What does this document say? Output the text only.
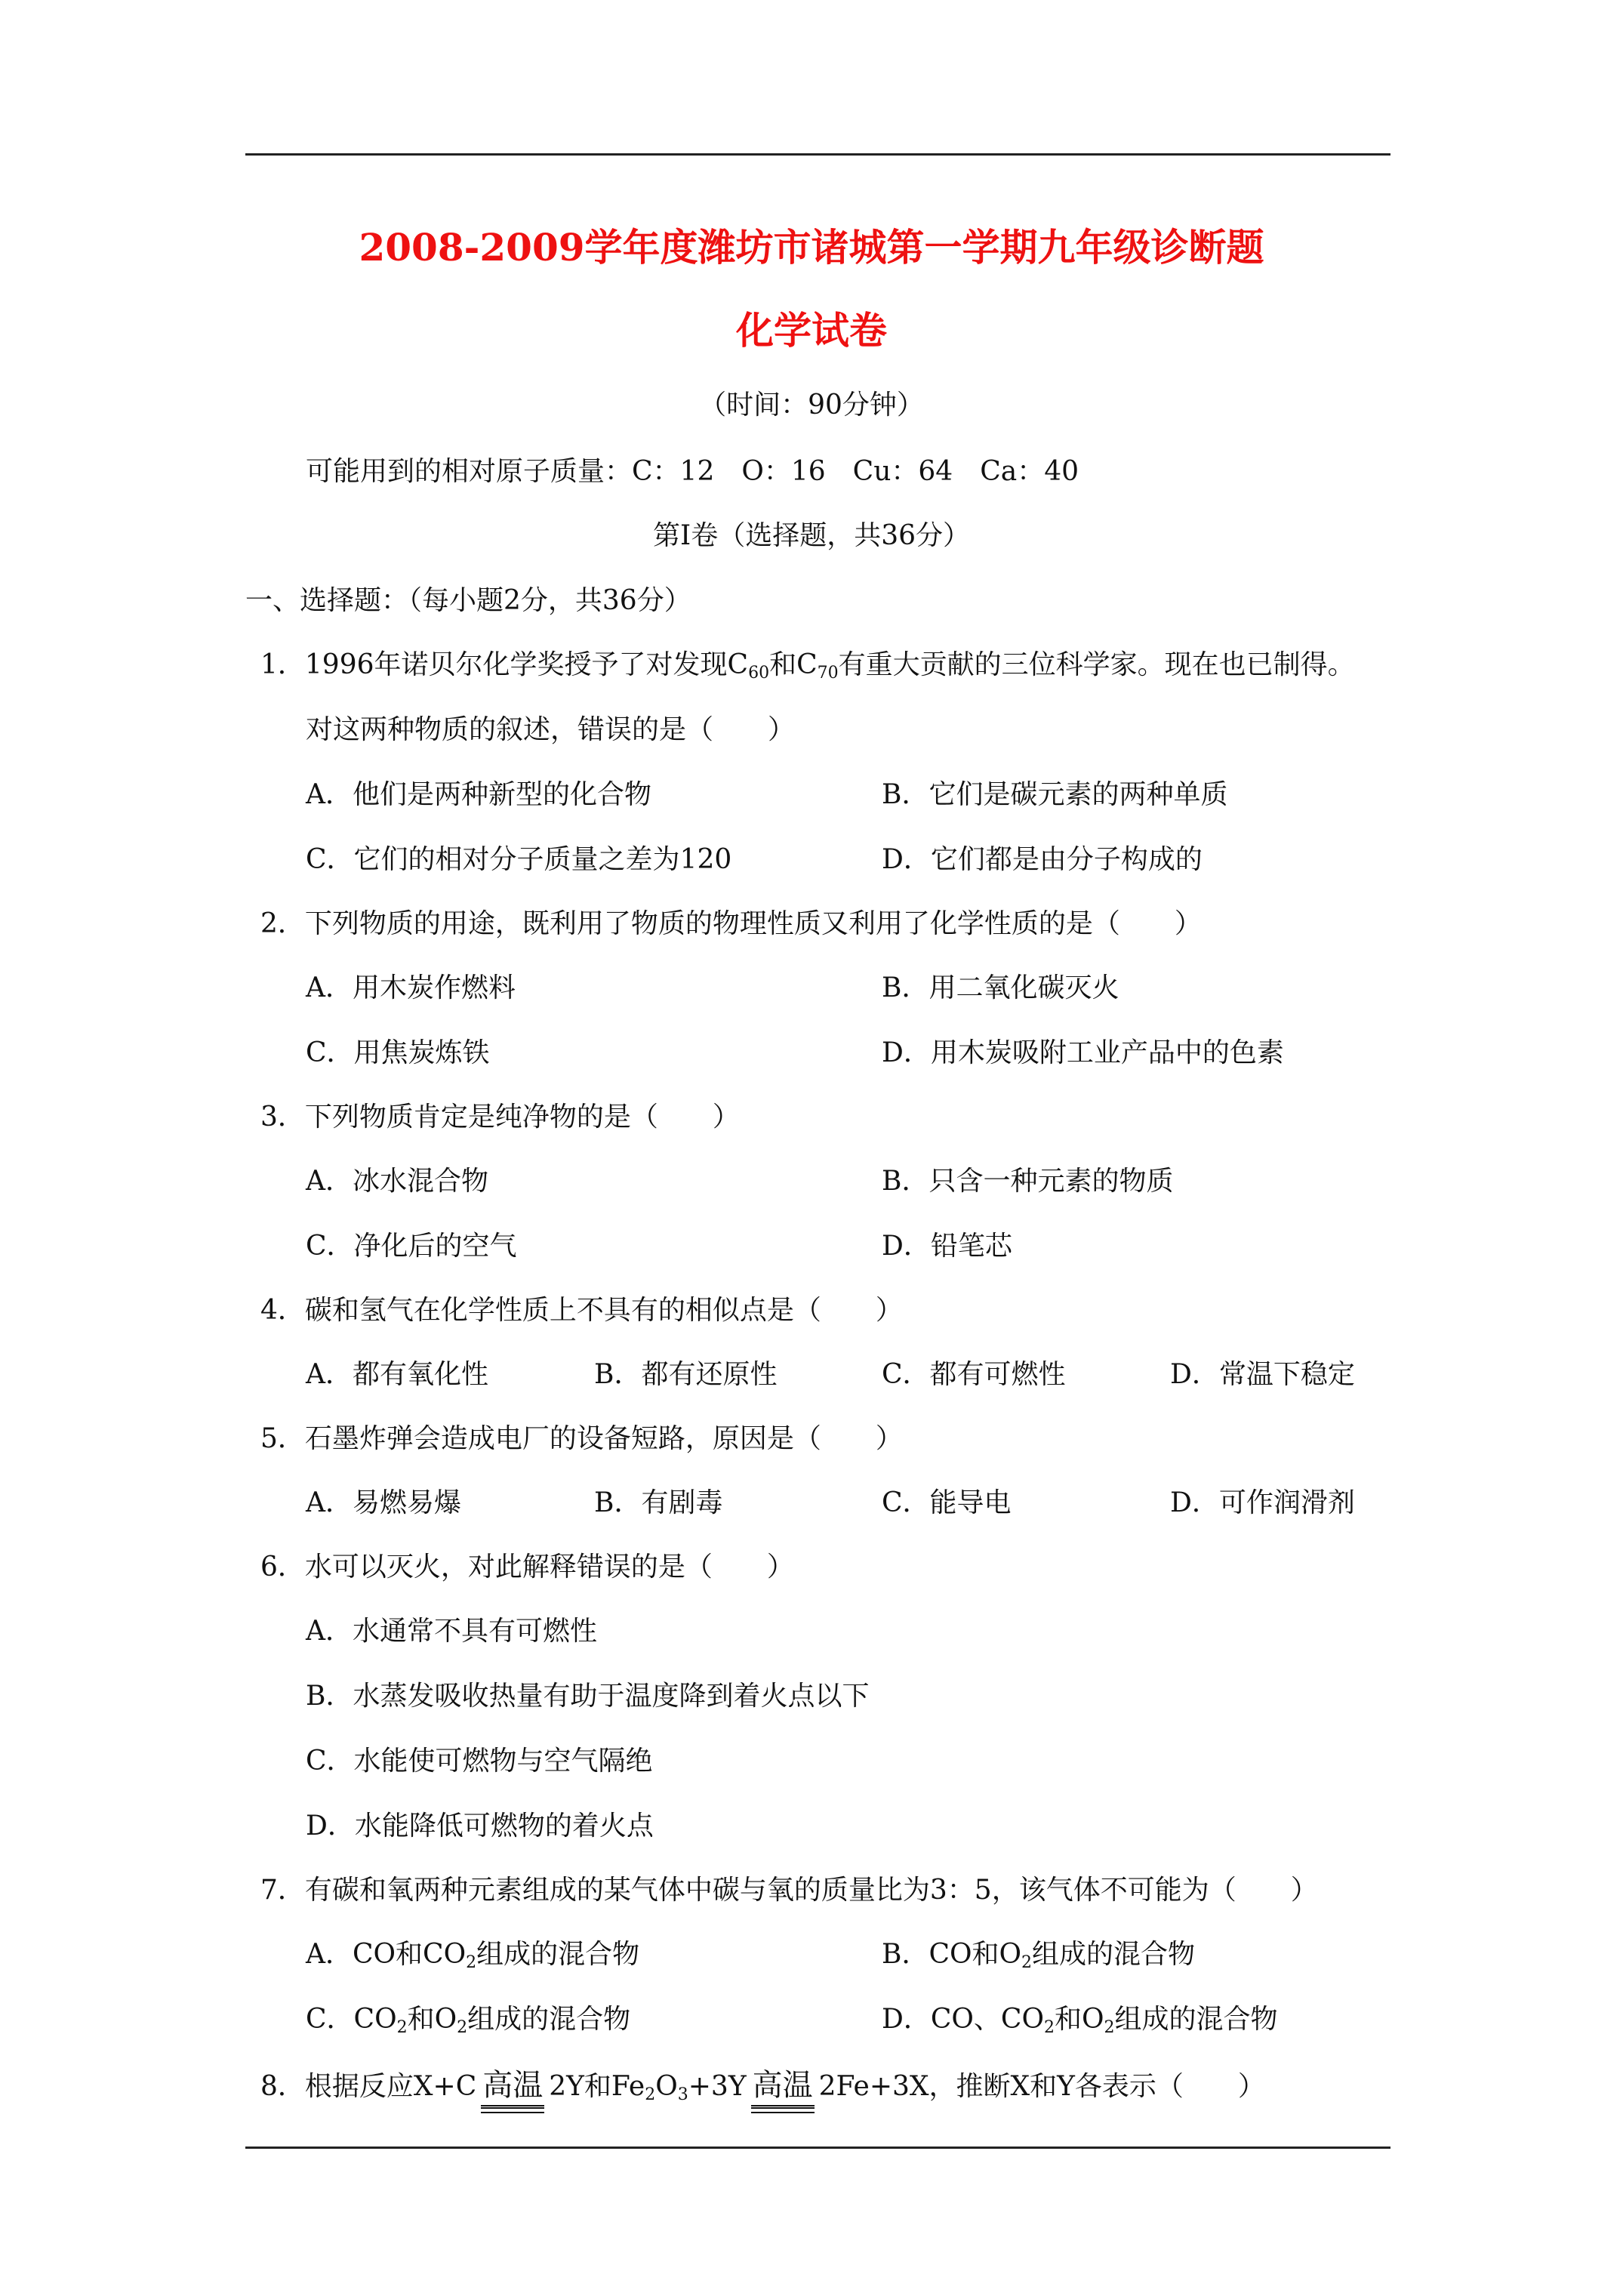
2008-2009学年度潍坊市诸城第一学期九年级诊断题
化学试卷
（时间：90分钟）
可能用到的相对原子质量：C：12　O：16　Cu：64　Ca：40
第Ⅰ卷（选择题，共36分）
一、选择题：（每小题2分，共36分）
1．1996年诺贝尔化学奖授予了对发现$C_{60}$和$C_{70}$有重大贡献的三位科学家。现在也已制得。
对这两种物质的叙述，错误的是（　　）
A．他们是两种新型的化合物	B．它们是碳元素的两种单质
C．它们的相对分子质量之差为120	D．它们都是由分子构成的
2．下列物质的用途，既利用了物质的物理性质又利用了化学性质的是（　　）
A．用木炭作燃料	B．用二氧化碳灭火
C．用焦炭炼铁	D．用木炭吸附工业产品中的色素
3．下列物质肯定是纯净物的是（　　）
A．冰水混合物	B．只含一种元素的物质
C．净化后的空气	D．铅笔芯
4．碳和氢气在化学性质上不具有的相似点是（　　）
A．都有氧化性	B．都有还原性	C．都有可燃性	D．常温下稳定
5．石墨炸弹会造成电厂的设备短路，原因是（　　）
A．易燃易爆	B．有剧毒	C．能导电	D．可作润滑剂
6．水可以灭火，对此解释错误的是（　　）
A．水通常不具有可燃性
B．水蒸发吸收热量有助于温度降到着火点以下
C．水能使可燃物与空气隔绝
D．水能降低可燃物的着火点
7．有碳和氧两种元素组成的某气体中碳与氧的质量比为3：5，该气体不可能为（　　）
A．CO和$CO_2$组成的混合物	B．CO和$O_2$组成的混合物
C．$CO_2$和$O_2$组成的混合物	D．CO、$CO_2$和$O_2$组成的混合物
8．根据反应X+C 高温 2Y和$Fe_2O_3+3Y$ 高温 2Fe+3X，推断X和Y各表示（　　）
